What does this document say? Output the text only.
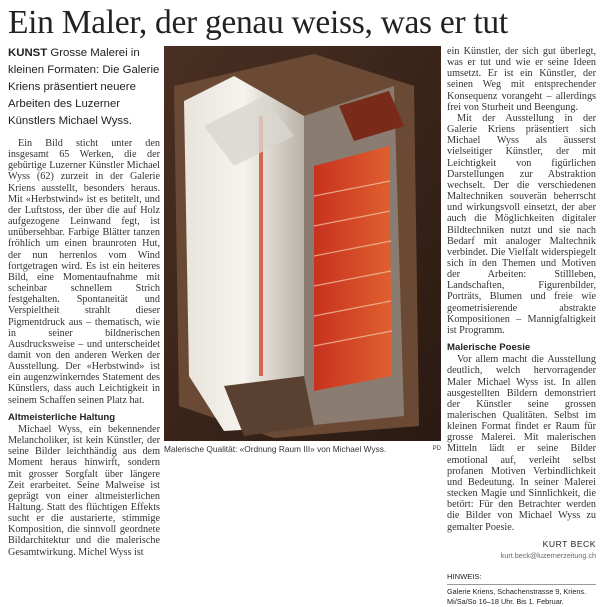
Ein Maler, der genau weiss, was er tut
KUNST Grosse Malerei in kleinen Formaten: Die Galerie Kriens präsentiert neuere Arbeiten des Luzerner Künstlers Michael Wyss.

Ein Bild sticht unter den insgesamt 65 Werken, die der gebürtige Luzerner Künstler Michael Wyss (62) zurzeit in der Galerie Kriens ausstellt, besonders heraus. Mit «Herbstwind» ist es betitelt, und der Luftstoss, der über die auf Holz aufgezogene Leinwand fegt, ist unübersehbar. Farbige Blätter tanzen fröhlich um einen braunroten Hut, der nun herrenlos vom Wind fortgetragen wird. Es ist ein heiteres Bild, eine Momentaufnahme mit scheinbar schnellem Strich festgehalten. Spontaneität und Verspieltheit strahlt dieser Pigmentdruck aus – thematisch, wie in seiner bildnerischen Ausdrucksweise – und unterscheidet damit von den anderen Werken der Ausstellung. Der «Herbstwind» ist ein augenzwinkerndes Statement des Künstlers, dass auch Leichtigkeit in seinem Schaffen seinen Platz hat.

Altmeisterliche Haltung

Michael Wyss, ein bekennender Melancholiker, ist kein Künstler, der seine Bilder leichthändig aus dem Moment heraus hinwirft, sondern mit grosser Sorgfalt über längere Zeit erarbeitet. Seine Malweise ist geprägt von einer altmeisterlichen Haltung. Statt des flüchtigen Effekts sucht er die austarierte, stimmige Komposition, die sinnvoll geordnete Bildarchitektur und die malerische Gesamtwirkung. Michel Wyss ist

Malerische Qualität: «Ordnung Raum III» von Michael Wyss.	PD

ein Künstler, der sich gut überlegt, was er tut und wie er seine Ideen umsetzt. Er ist ein Künstler, der seinen Weg mit entsprechender Konsequenz vorangeht – allerdings frei von Sturheit und Beengung.

Mit der Ausstellung in der Galerie Kriens präsentiert sich Michael Wyss als äusserst vielseitiger Künstler, der mit Leichtigkeit von figürlichen Darstellungen zur Abstraktion wechselt. Der die verschiedenen Maltechniken souverän beherrscht und wirkungsvoll einsetzt, der aber auch die Möglichkeiten digitaler Bildtechniken nutzt und sie nach Bedarf mit analoger Maltechnik verbindet. Die Vielfalt widerspiegelt sich in den Themen und Motiven der Arbeiten: Stillleben, Landschaften, Figurenbilder, Porträts, Blumen und freie wie geometrisierende abstrakte Kompositionen – Mannigfaltigkeit ist Programm.

Malerische Poesie

Vor allem macht die Ausstellung deutlich, welch hervorragender Maler Michael Wyss ist. In allen ausgestellten Bildern demonstriert der Künstler seine grossen malerischen Qualitäten. Selbst im kleinen Format findet er Raum für grosse Malerei. Mit malerischen Mitteln lädt er seine Bilder emotional auf, verleiht selbst profanen Motiven Verbindlichkeit und Bedeutung. In seiner Malerei stecken Magie und Sinnlichkeit, die betört: Für den Betrachter werden die Bilder von Michael Wyss zu gemalter Poesie.

KURT BECK
kurt.beck@luzernerzeitung.ch
HINWEIS:
Galerie Kriens, Schachenstrasse 9, Kriens. Mi/Sa/So 16–18 Uhr. Bis 1. Februar.
